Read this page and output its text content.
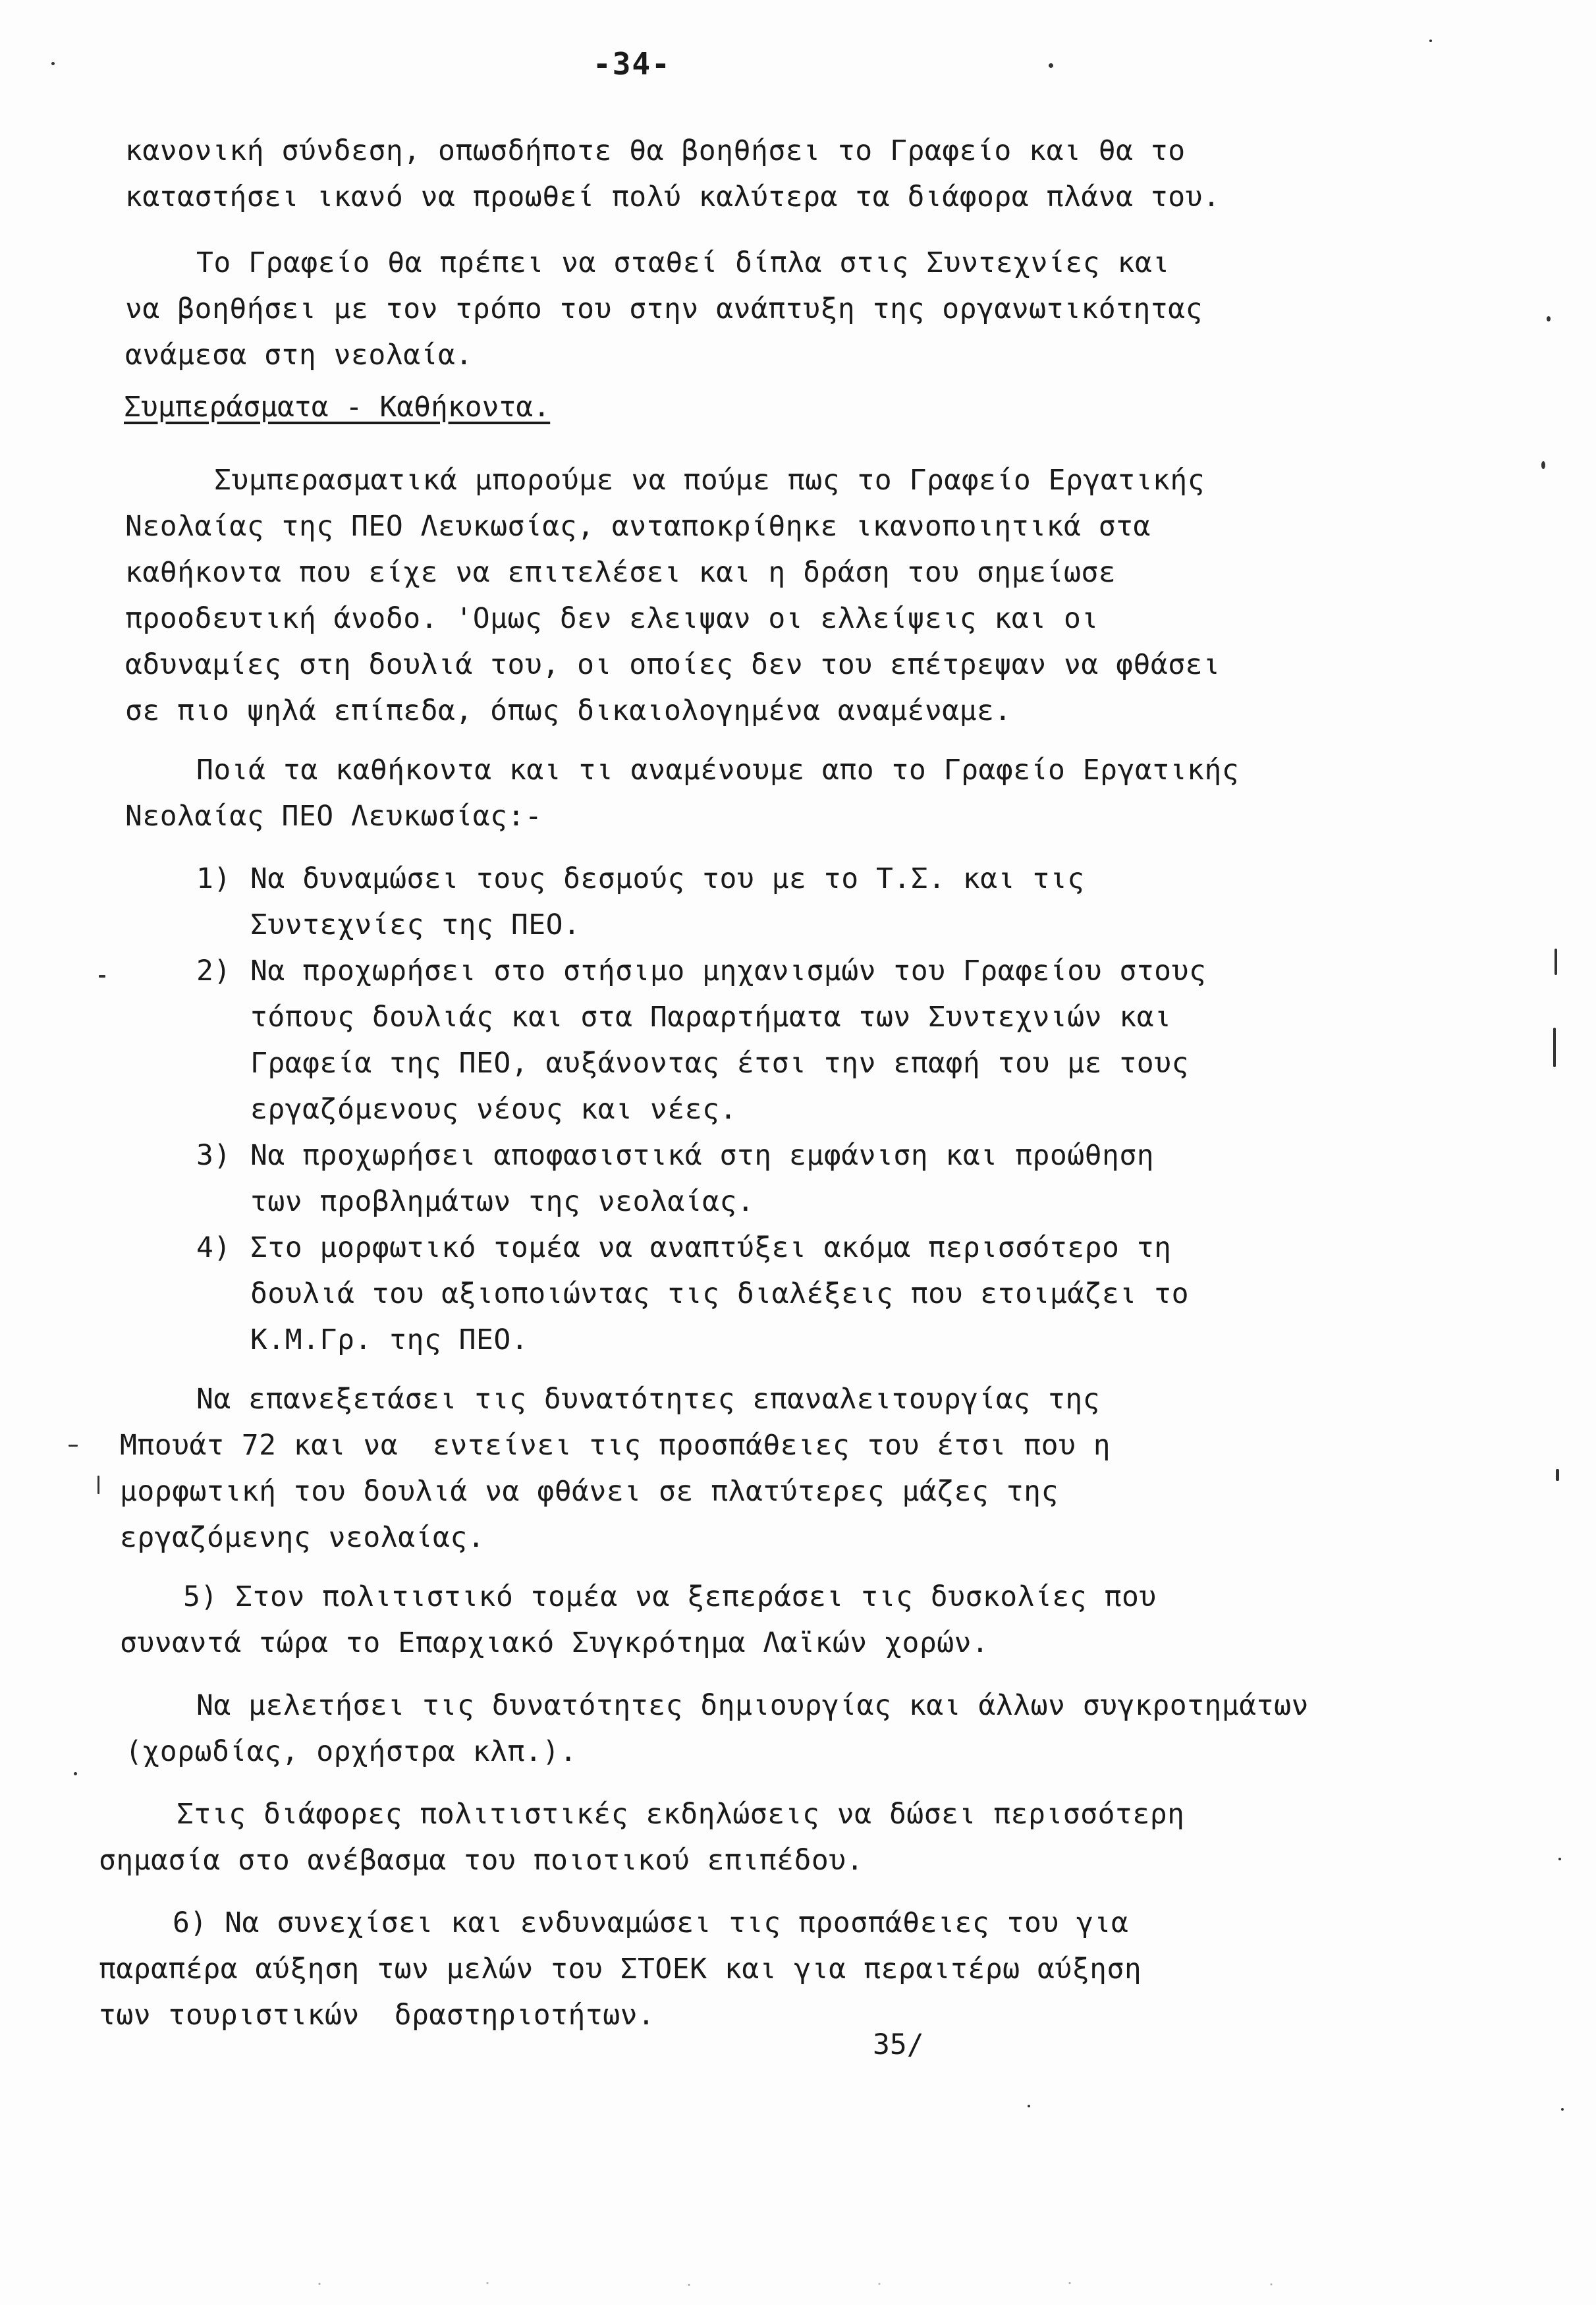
-34-
κανονική σύνδεση, οπωσδήποτε θα βοηθήσει το Γραφείο και θα το
καταστήσει ικανό να προωθεί πολύ καλύτερα τα διάφορα πλάνα του.
Το Γραφείο θα πρέπει να σταθεί δίπλα στις Συντεχνίες και
να βοηθήσει με τον τρόπο του στην ανάπτυξη της οργανωτικότητας
ανάμεσα στη νεολαία.
Συμπεράσματα - Καθήκοντα.
Συμπερασματικά μπορούμε να πούμε πως το Γραφείο Εργατικής
Νεολαίας της ΠΕΟ Λευκωσίας, ανταποκρίθηκε ικανοποιητικά στα
καθήκοντα που είχε να επιτελέσει και η δράση του σημείωσε
προοδευτική άνοδο. 'Ομως δεν ελειψαν οι ελλείψεις και οι
αδυναμίες στη δουλιά του, οι οποίες δεν του επέτρεψαν να φθάσει
σε πιο ψηλά επίπεδα, όπως δικαιολογημένα αναμέναμε.
Ποιά τα καθήκοντα και τι αναμένουμε απο το Γραφείο Εργατικής
Νεολαίας ΠΕΟ Λευκωσίας:-
1) Να δυναμώσει τους δεσμούς του με το Τ.Σ. και τις
Συντεχνίες της ΠΕΟ.
2) Να προχωρήσει στο στήσιμο μηχανισμών του Γραφείου στους
τόπους δουλιάς και στα Παραρτήματα των Συντεχνιών και
Γραφεία της ΠΕΟ, αυξάνοντας έτσι την επαφή του με τους
εργαζόμενους νέους και νέες.
3) Να προχωρήσει αποφασιστικά στη εμφάνιση και προώθηση
των προβλημάτων της νεολαίας.
4) Στο μορφωτικό τομέα να αναπτύξει ακόμα περισσότερο τη
δουλιά του αξιοποιώντας τις διαλέξεις που ετοιμάζει το
Κ.Μ.Γρ. της ΠΕΟ.
Να επανεξετάσει τις δυνατότητες επαναλειτουργίας της
Μπουάτ 72 και να  εντείνει τις προσπάθειες του έτσι που η
μορφωτική του δουλιά να φθάνει σε πλατύτερες μάζες της
εργαζόμενης νεολαίας.
5) Στον πολιτιστικό τομέα να ξεπεράσει τις δυσκολίες που
συναντά τώρα το Επαρχιακό Συγκρότημα Λαϊκών χορών.
Να μελετήσει τις δυνατότητες δημιουργίας και άλλων συγκροτημάτων
(χορωδίας, ορχήστρα κλπ.).
Στις διάφορες πολιτιστικές εκδηλώσεις να δώσει περισσότερη
σημασία στο ανέβασμα του ποιοτικού επιπέδου.
6) Να συνεχίσει και ενδυναμώσει τις προσπάθειες του για
παραπέρα αύξηση των μελών του ΣΤΟΕΚ και για περαιτέρω αύξηση
των τουριστικών  δραστηριοτήτων.
35/
